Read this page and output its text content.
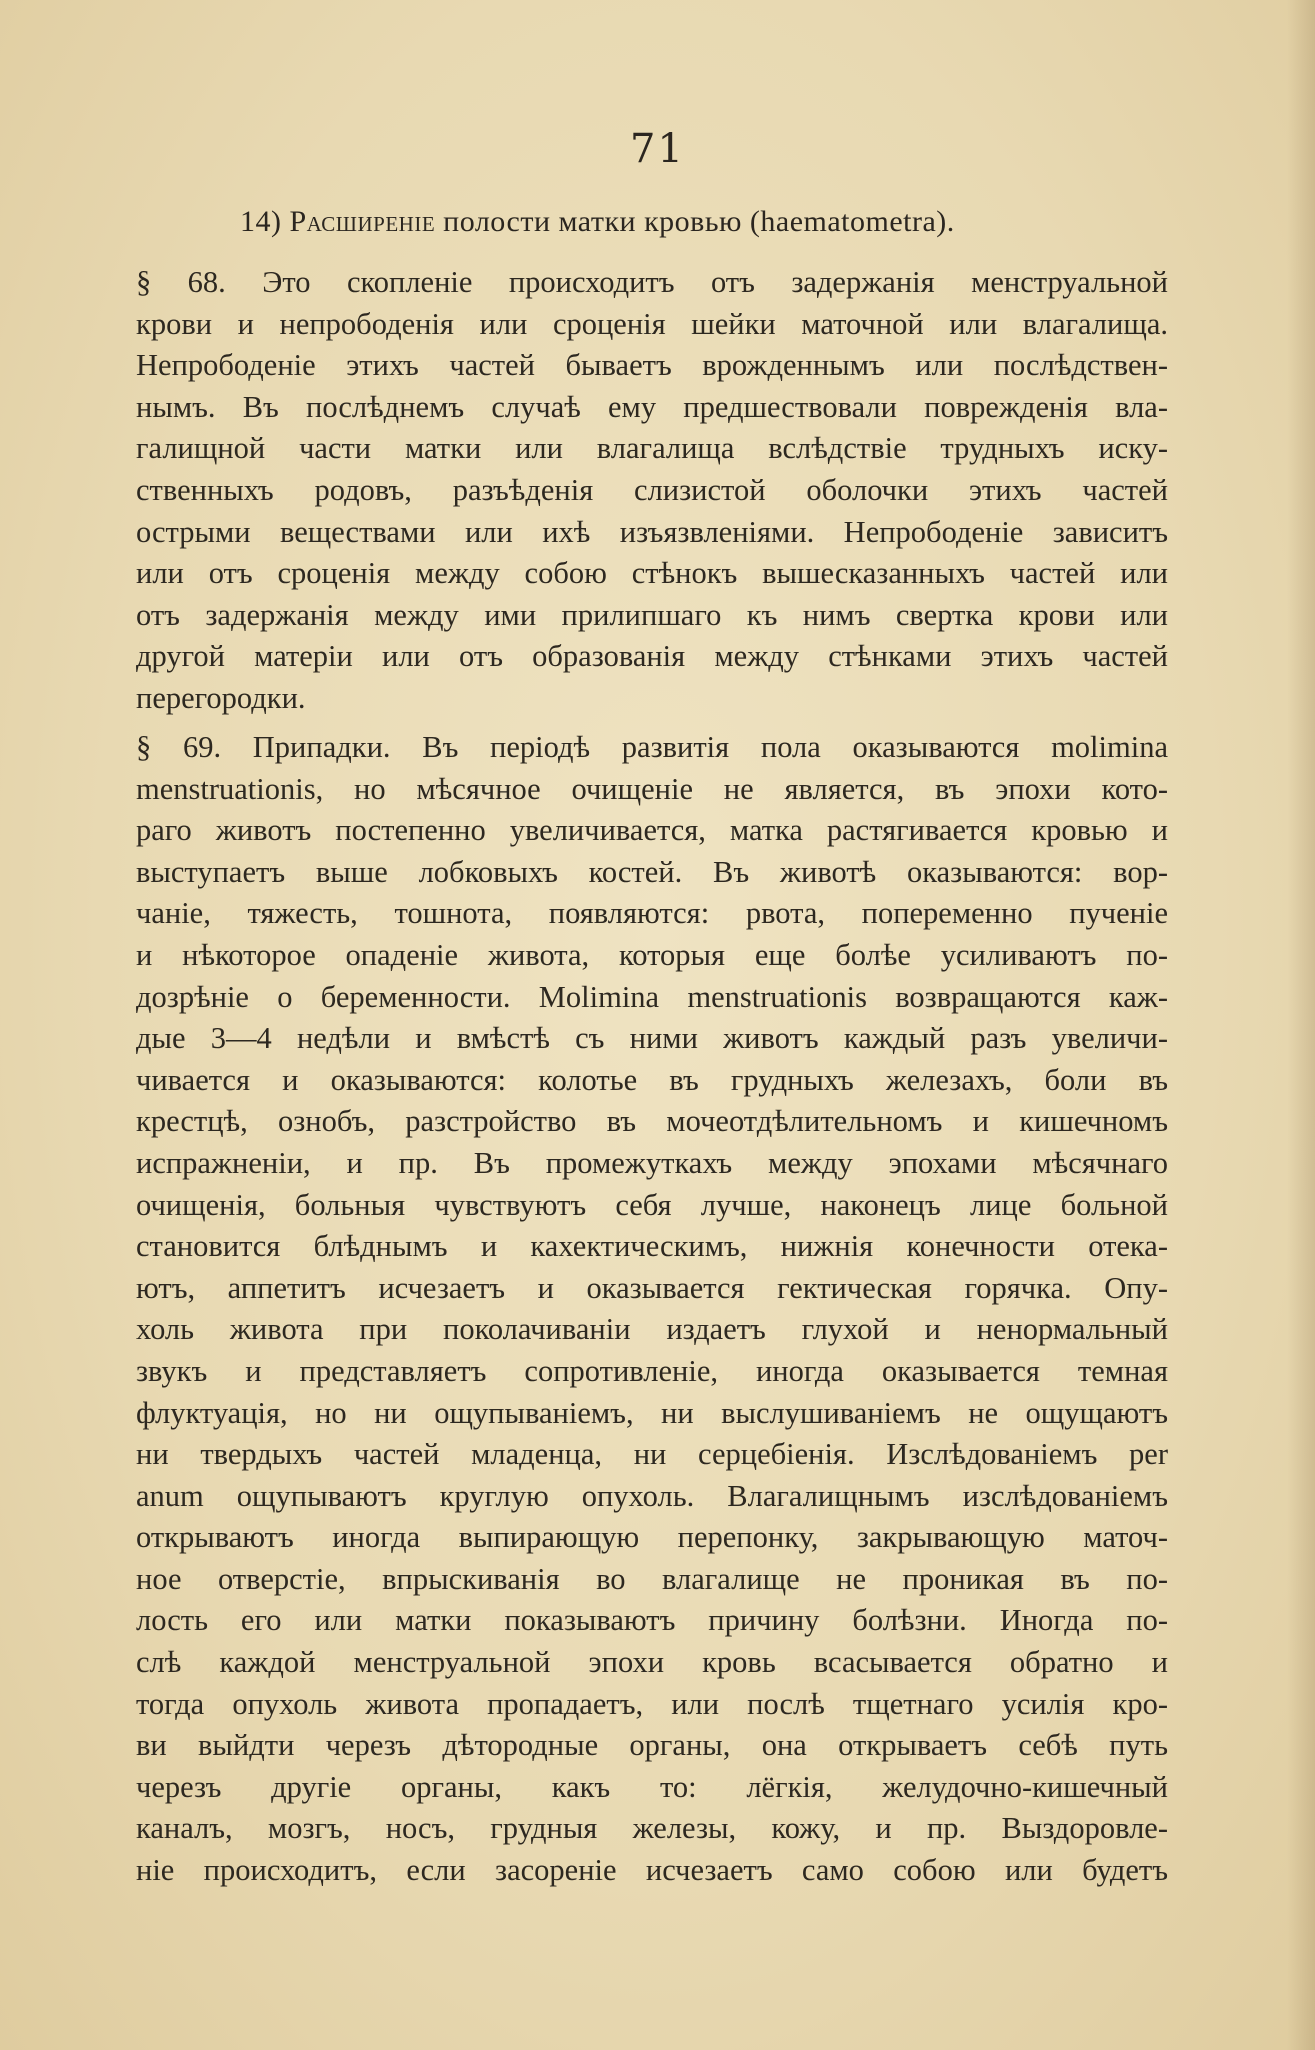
71
14) Расширеніе полости матки кровью (haematometra).
§ 68. Это скопленіе происходитъ отъ задержанія менструальной
крови и непрободенія или сроценія шейки маточной или влагалища.
Непрободеніе этихъ частей бываетъ врожденнымъ или послѣдствен-
нымъ. Въ послѣднемъ случаѣ ему предшествовали поврежденія вла-
галищной части матки или влагалища вслѣдствіе трудныхъ иску-
ственныхъ родовъ, разъѣденія слизистой оболочки этихъ частей
острыми веществами или ихѣ изъязвленіями. Непрободеніе зависитъ
или отъ сроценія между собою стѣнокъ вышесказанныхъ частей или
отъ задержанія между ими прилипшаго къ нимъ свертка крови или
другой матеріи или отъ образованія между стѣнками этихъ частей
перегородки.
§ 69. Припадки. Въ періодѣ развитія пола оказываются molimina
menstruationis, но мѣсячное очищеніе не является, въ эпохи кото-
раго животъ постепенно увеличивается, матка растягивается кровью и
выступаетъ выше лобковыхъ костей. Въ животѣ оказываются: вор-
чаніе, тяжесть, тошнота, появляются: рвота, попеременно пученіе
и нѣкоторое опаденіе живота, которыя еще болѣе усиливаютъ по-
дозрѣніе о беременности. Molimina menstruationis возвращаются каж-
дые 3—4 недѣли и вмѣстѣ съ ними животъ каждый разъ увеличи-
чивается и оказываются: колотье въ грудныхъ железахъ, боли въ
крестцѣ, ознобъ, разстройство въ мочеотдѣлительномъ и кишечномъ
испражненіи, и пр. Въ промежуткахъ между эпохами мѣсячнаго
очищенія, больныя чувствуютъ себя лучше, наконецъ лице больной
становится блѣднымъ и кахектическимъ, нижнія конечности отека-
ютъ, аппетитъ исчезаетъ и оказывается гектическая горячка. Опу-
холь живота при поколачиваніи издаетъ глухой и ненормальный
звукъ и представляетъ сопротивленіе, иногда оказывается темная
флуктуація, но ни ощупываніемъ, ни выслушиваніемъ не ощущаютъ
ни твердыхъ частей младенца, ни серцебіенія. Изслѣдованіемъ per
anum ощупываютъ круглую опухоль. Влагалищнымъ изслѣдованіемъ
открываютъ иногда выпирающую перепонку, закрывающую маточ-
ное отверстіе, впрыскиванія во влагалище не проникая въ по-
лость его или матки показываютъ причину болѣзни. Иногда по-
слѣ каждой менструальной эпохи кровь всасывается обратно и
тогда опухоль живота пропадаетъ, или послѣ тщетнаго усилія кро-
ви выйдти черезъ дѣтородные органы, она открываетъ себѣ путь
черезъ другіе органы, какъ то: лёгкія, желудочно-кишечный
каналъ, мозгъ, носъ, грудныя железы, кожу, и пр. Выздоровле-
ніе происходитъ, если засореніе исчезаетъ само собою или будетъ
